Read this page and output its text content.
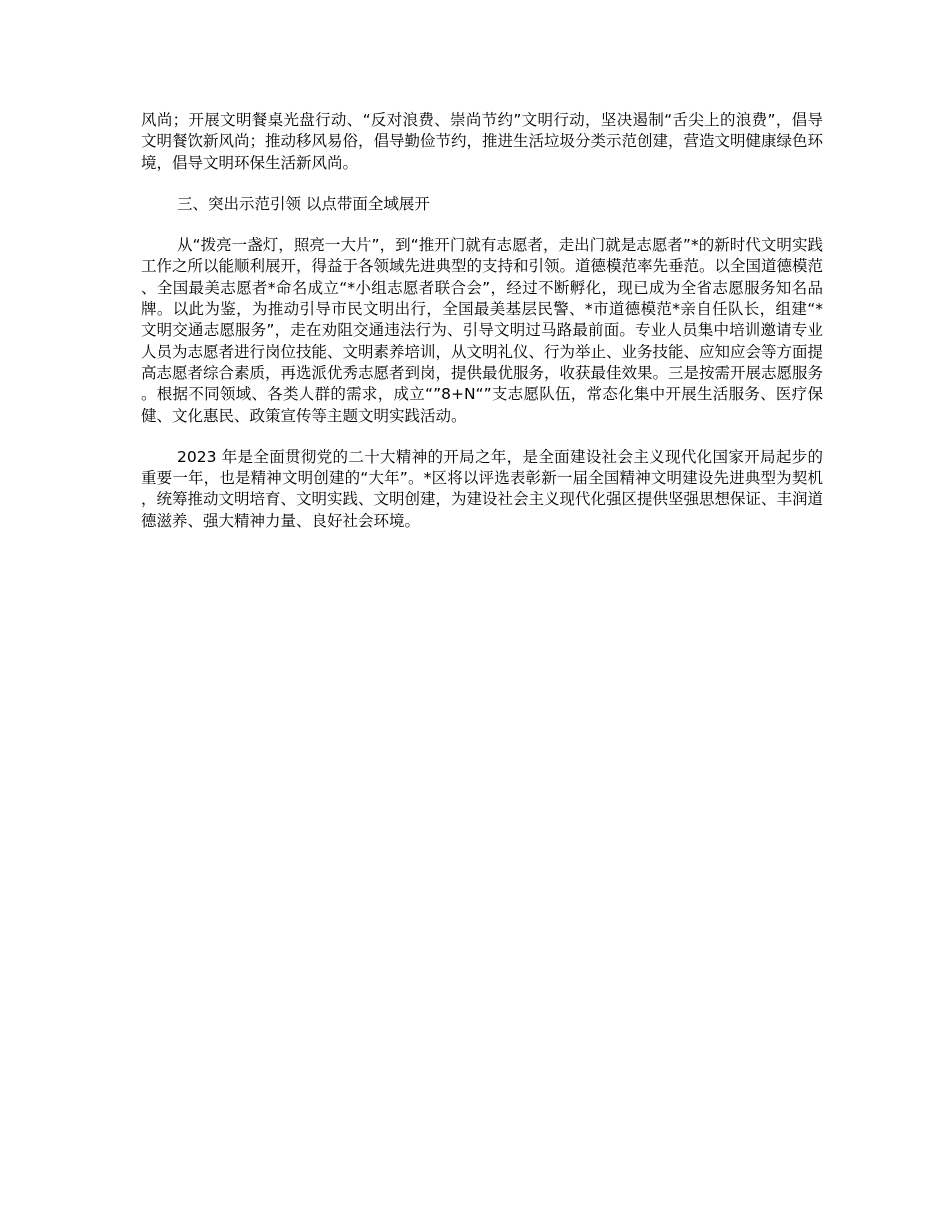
风尚；开展文明餐桌光盘行动、“反对浪费、崇尚节约”文明行动，坚决遏制“舌尖上的浪费”，倡导文明餐饮新风尚；推动移风易俗，倡导勤俭节约，推进生活垃圾分类示范创建，营造文明健康绿色环境，倡导文明环保生活新风尚。

三、突出示范引领 以点带面全域展开

从“拨亮一盏灯，照亮一大片”，到“推开门就有志愿者，走出门就是志愿者”*的新时代文明实践工作之所以能顺利展开，得益于各领域先进典型的支持和引领。道德模范率先垂范。以全国道德模范、全国最美志愿者*命名成立“*小组志愿者联合会”，经过不断孵化，现已成为全省志愿服务知名品牌。以此为鉴，为推动引导市民文明出行，全国最美基层民警、*市道德模范*亲自任队长，组建“*文明交通志愿服务”，走在劝阻交通违法行为、引导文明过马路最前面。专业人员集中培训邀请专业人员为志愿者进行岗位技能、文明素养培训，从文明礼仪、行为举止、业务技能、应知应会等方面提高志愿者综合素质，再选派优秀志愿者到岗，提供最优服务，收获最佳效果。三是按需开展志愿服务。根据不同领域、各类人群的需求，成立“”8+N“”支志愿队伍，常态化集中开展生活服务、医疗保健、文化惠民、政策宣传等主题文明实践活动。

2023 年是全面贯彻党的二十大精神的开局之年，是全面建设社会主义现代化国家开局起步的重要一年，也是精神文明创建的“大年”。*区将以评选表彰新一届全国精神文明建设先进典型为契机，统筹推动文明培育、文明实践、文明创建，为建设社会主义现代化强区提供坚强思想保证、丰润道德滋养、强大精神力量、良好社会环境。
